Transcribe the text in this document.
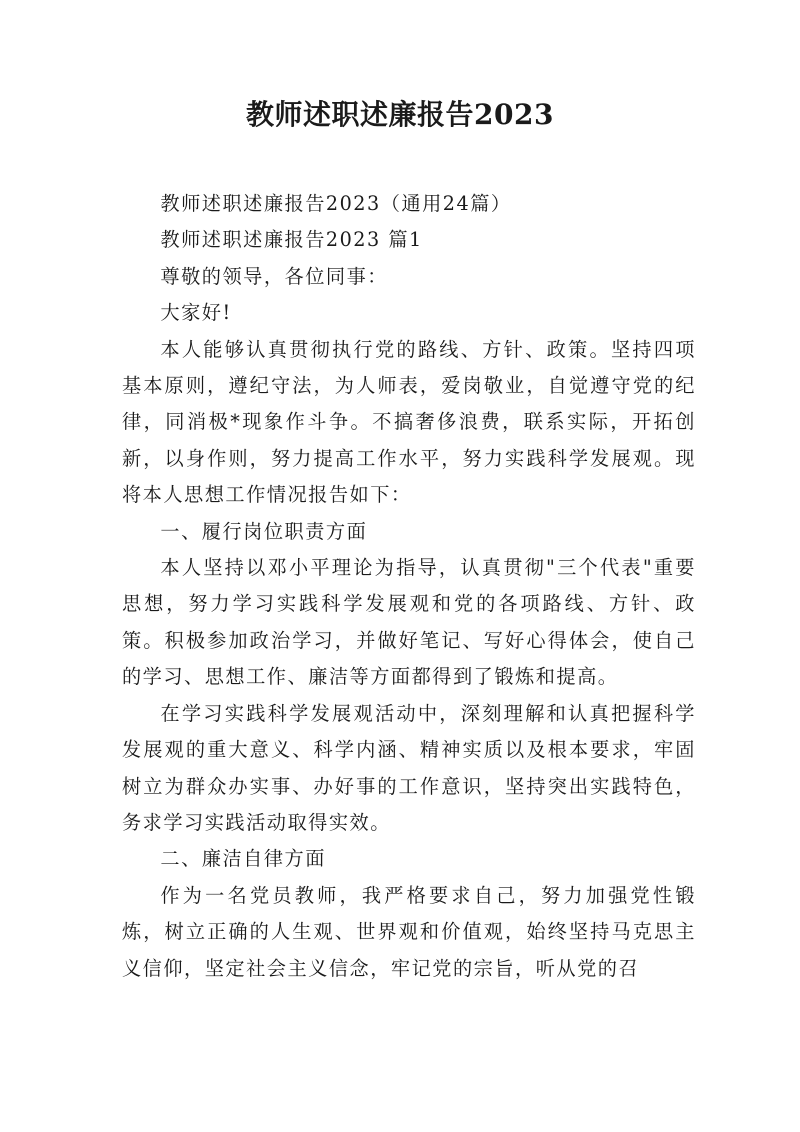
教师述职述廉报告2023

教师述职述廉报告2023（通用24篇）

教师述职述廉报告2023 篇1

尊敬的领导，各位同事：

大家好!

本人能够认真贯彻执行党的路线、方针、政策。坚持四项基本原则，遵纪守法，为人师表，爱岗敬业，自觉遵守党的纪律，同消极*现象作斗争。不搞奢侈浪费，联系实际，开拓创新，以身作则，努力提高工作水平，努力实践科学发展观。现将本人思想工作情况报告如下：

一、履行岗位职责方面

本人坚持以邓小平理论为指导，认真贯彻"三个代表"重要思想，努力学习实践科学发展观和党的各项路线、方针、政策。积极参加政治学习，并做好笔记、写好心得体会，使自己的学习、思想工作、廉洁等方面都得到了锻炼和提高。

在学习实践科学发展观活动中，深刻理解和认真把握科学发展观的重大意义、科学内涵、精神实质以及根本要求，牢固树立为群众办实事、办好事的工作意识，坚持突出实践特色，务求学习实践活动取得实效。

二、廉洁自律方面

作为一名党员教师，我严格要求自己，努力加强党性锻炼，树立正确的人生观、世界观和价值观，始终坚持马克思主义信仰，坚定社会主义信念，牢记党的宗旨，听从党的召
